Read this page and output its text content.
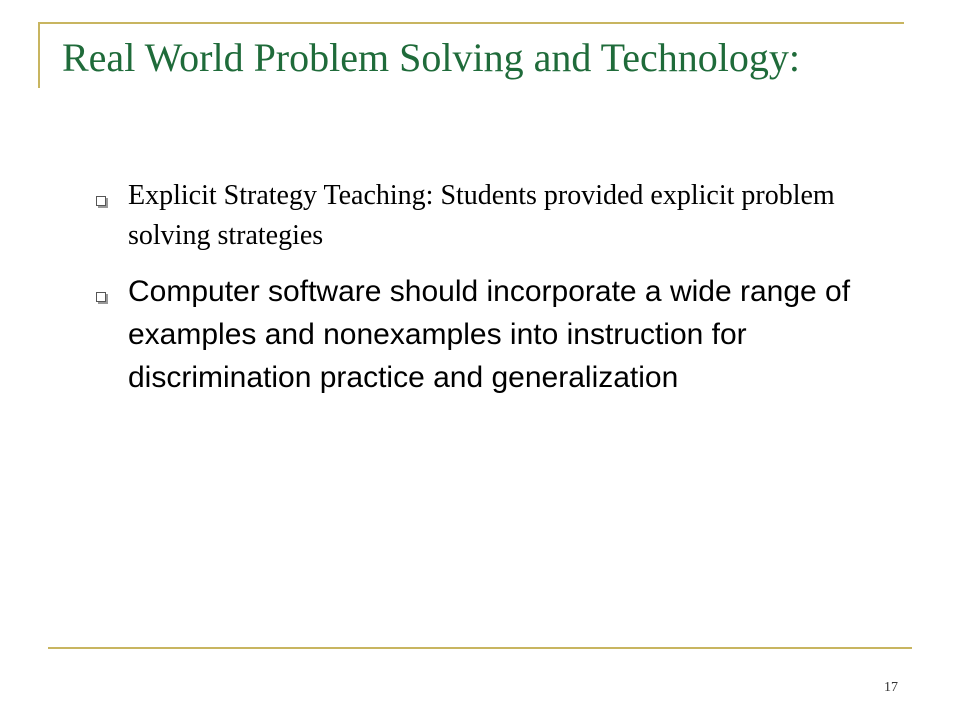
Real World Problem Solving and Technology:
Explicit Strategy Teaching: Students provided explicit problem solving strategies
Computer software should incorporate a wide range of examples and nonexamples into instruction for discrimination practice and generalization
17
